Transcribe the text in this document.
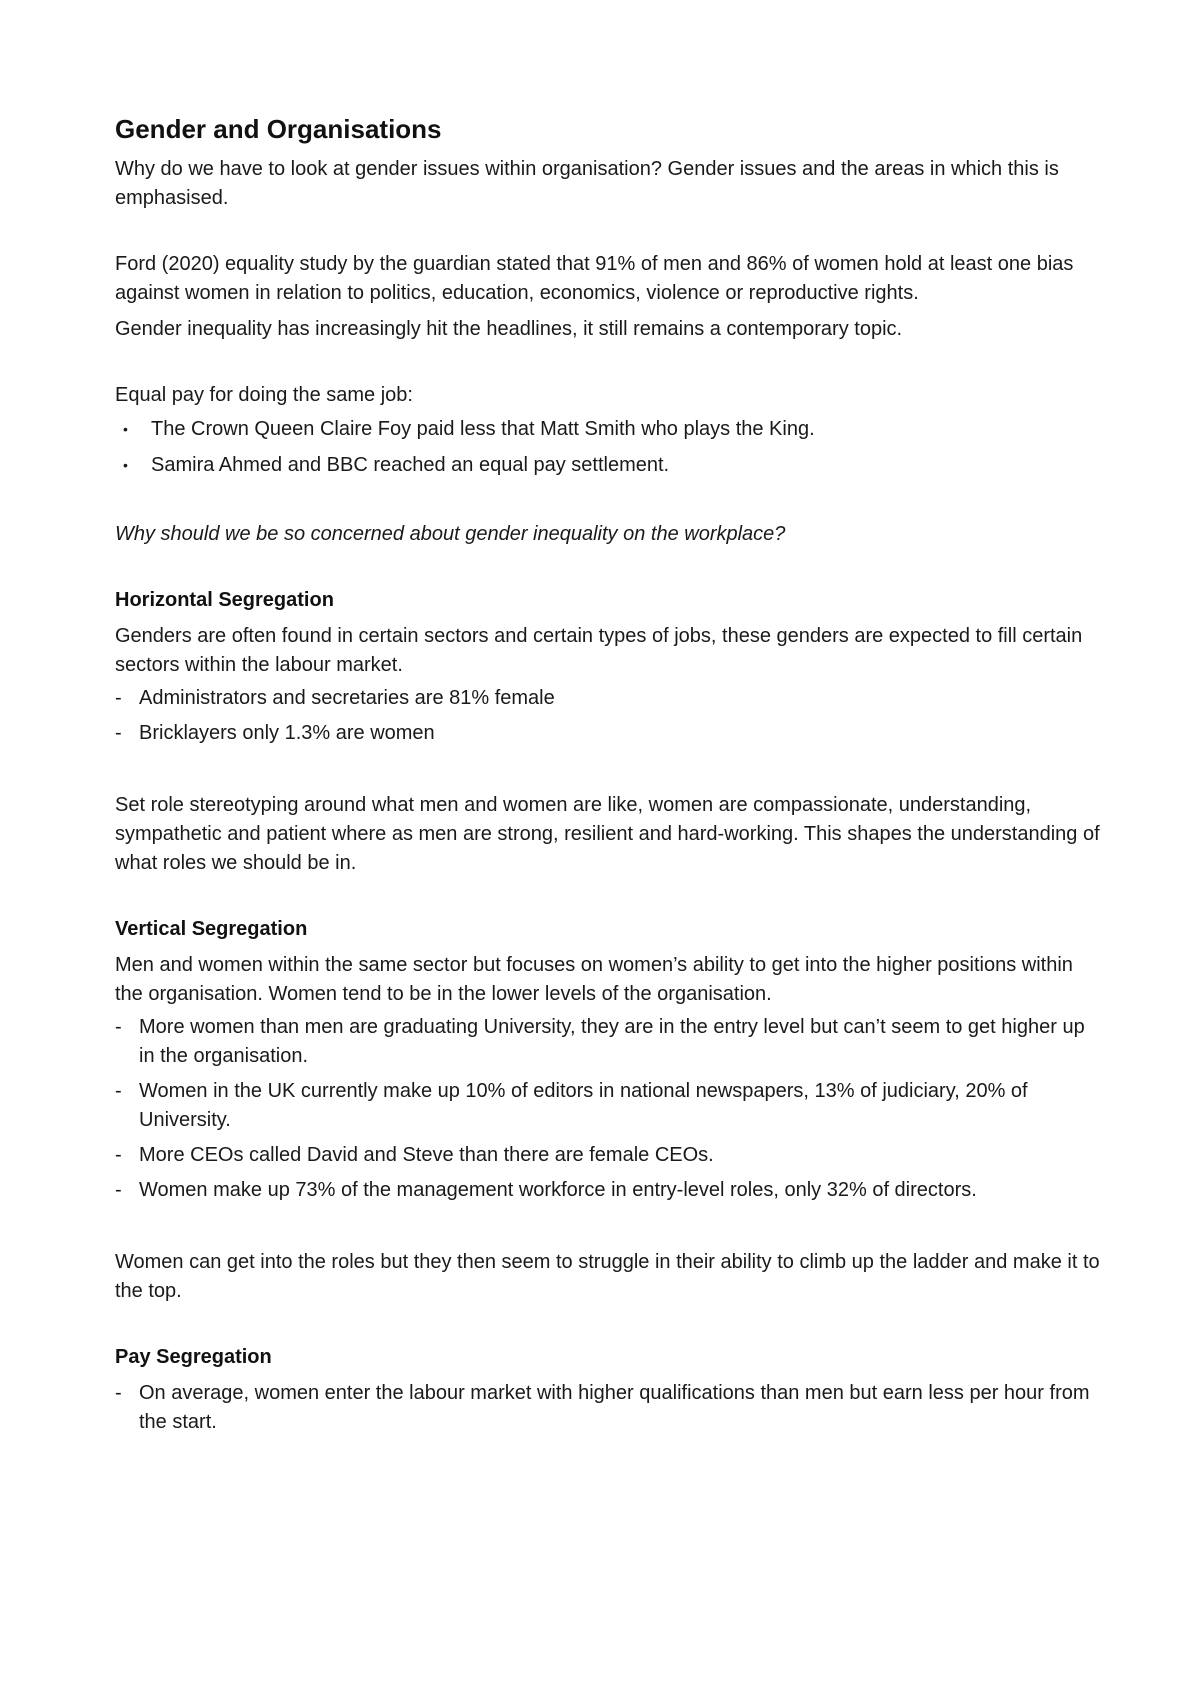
Gender and Organisations

Why do we have to look at gender issues within organisation? Gender issues and the areas in which this is emphasised.

Ford (2020) equality study by the guardian stated that 91% of men and 86% of women hold at least one bias against women in relation to politics, education, economics, violence or reproductive rights.

Gender inequality has increasingly hit the headlines, it still remains a contemporary topic.

Equal pay for doing the same job:

• The Crown Queen Claire Foy paid less that Matt Smith who plays the King.
• Samira Ahmed and BBC reached an equal pay settlement.

Why should we be so concerned about gender inequality on the workplace?

Horizontal Segregation

Genders are often found in certain sectors and certain types of jobs, these genders are expected to fill certain sectors within the labour market.

- Administrators and secretaries are 81% female
- Bricklayers only 1.3% are women

Set role stereotyping around what men and women are like, women are compassionate, understanding, sympathetic and patient where as men are strong, resilient and hard-working. This shapes the understanding of what roles we should be in.

Vertical Segregation

Men and women within the same sector but focuses on women’s ability to get into the higher positions within the organisation. Women tend to be in the lower levels of the organisation.

- More women than men are graduating University, they are in the entry level but can’t seem to get higher up in the organisation.
- Women in the UK currently make up 10% of editors in national newspapers, 13% of judiciary, 20% of University.
- More CEOs called David and Steve than there are female CEOs.
- Women make up 73% of the management workforce in entry-level roles, only 32% of directors.

Women can get into the roles but they then seem to struggle in their ability to climb up the ladder and make it to the top.

Pay Segregation
- On average, women enter the labour market with higher qualifications than men but earn less per hour from the start.
